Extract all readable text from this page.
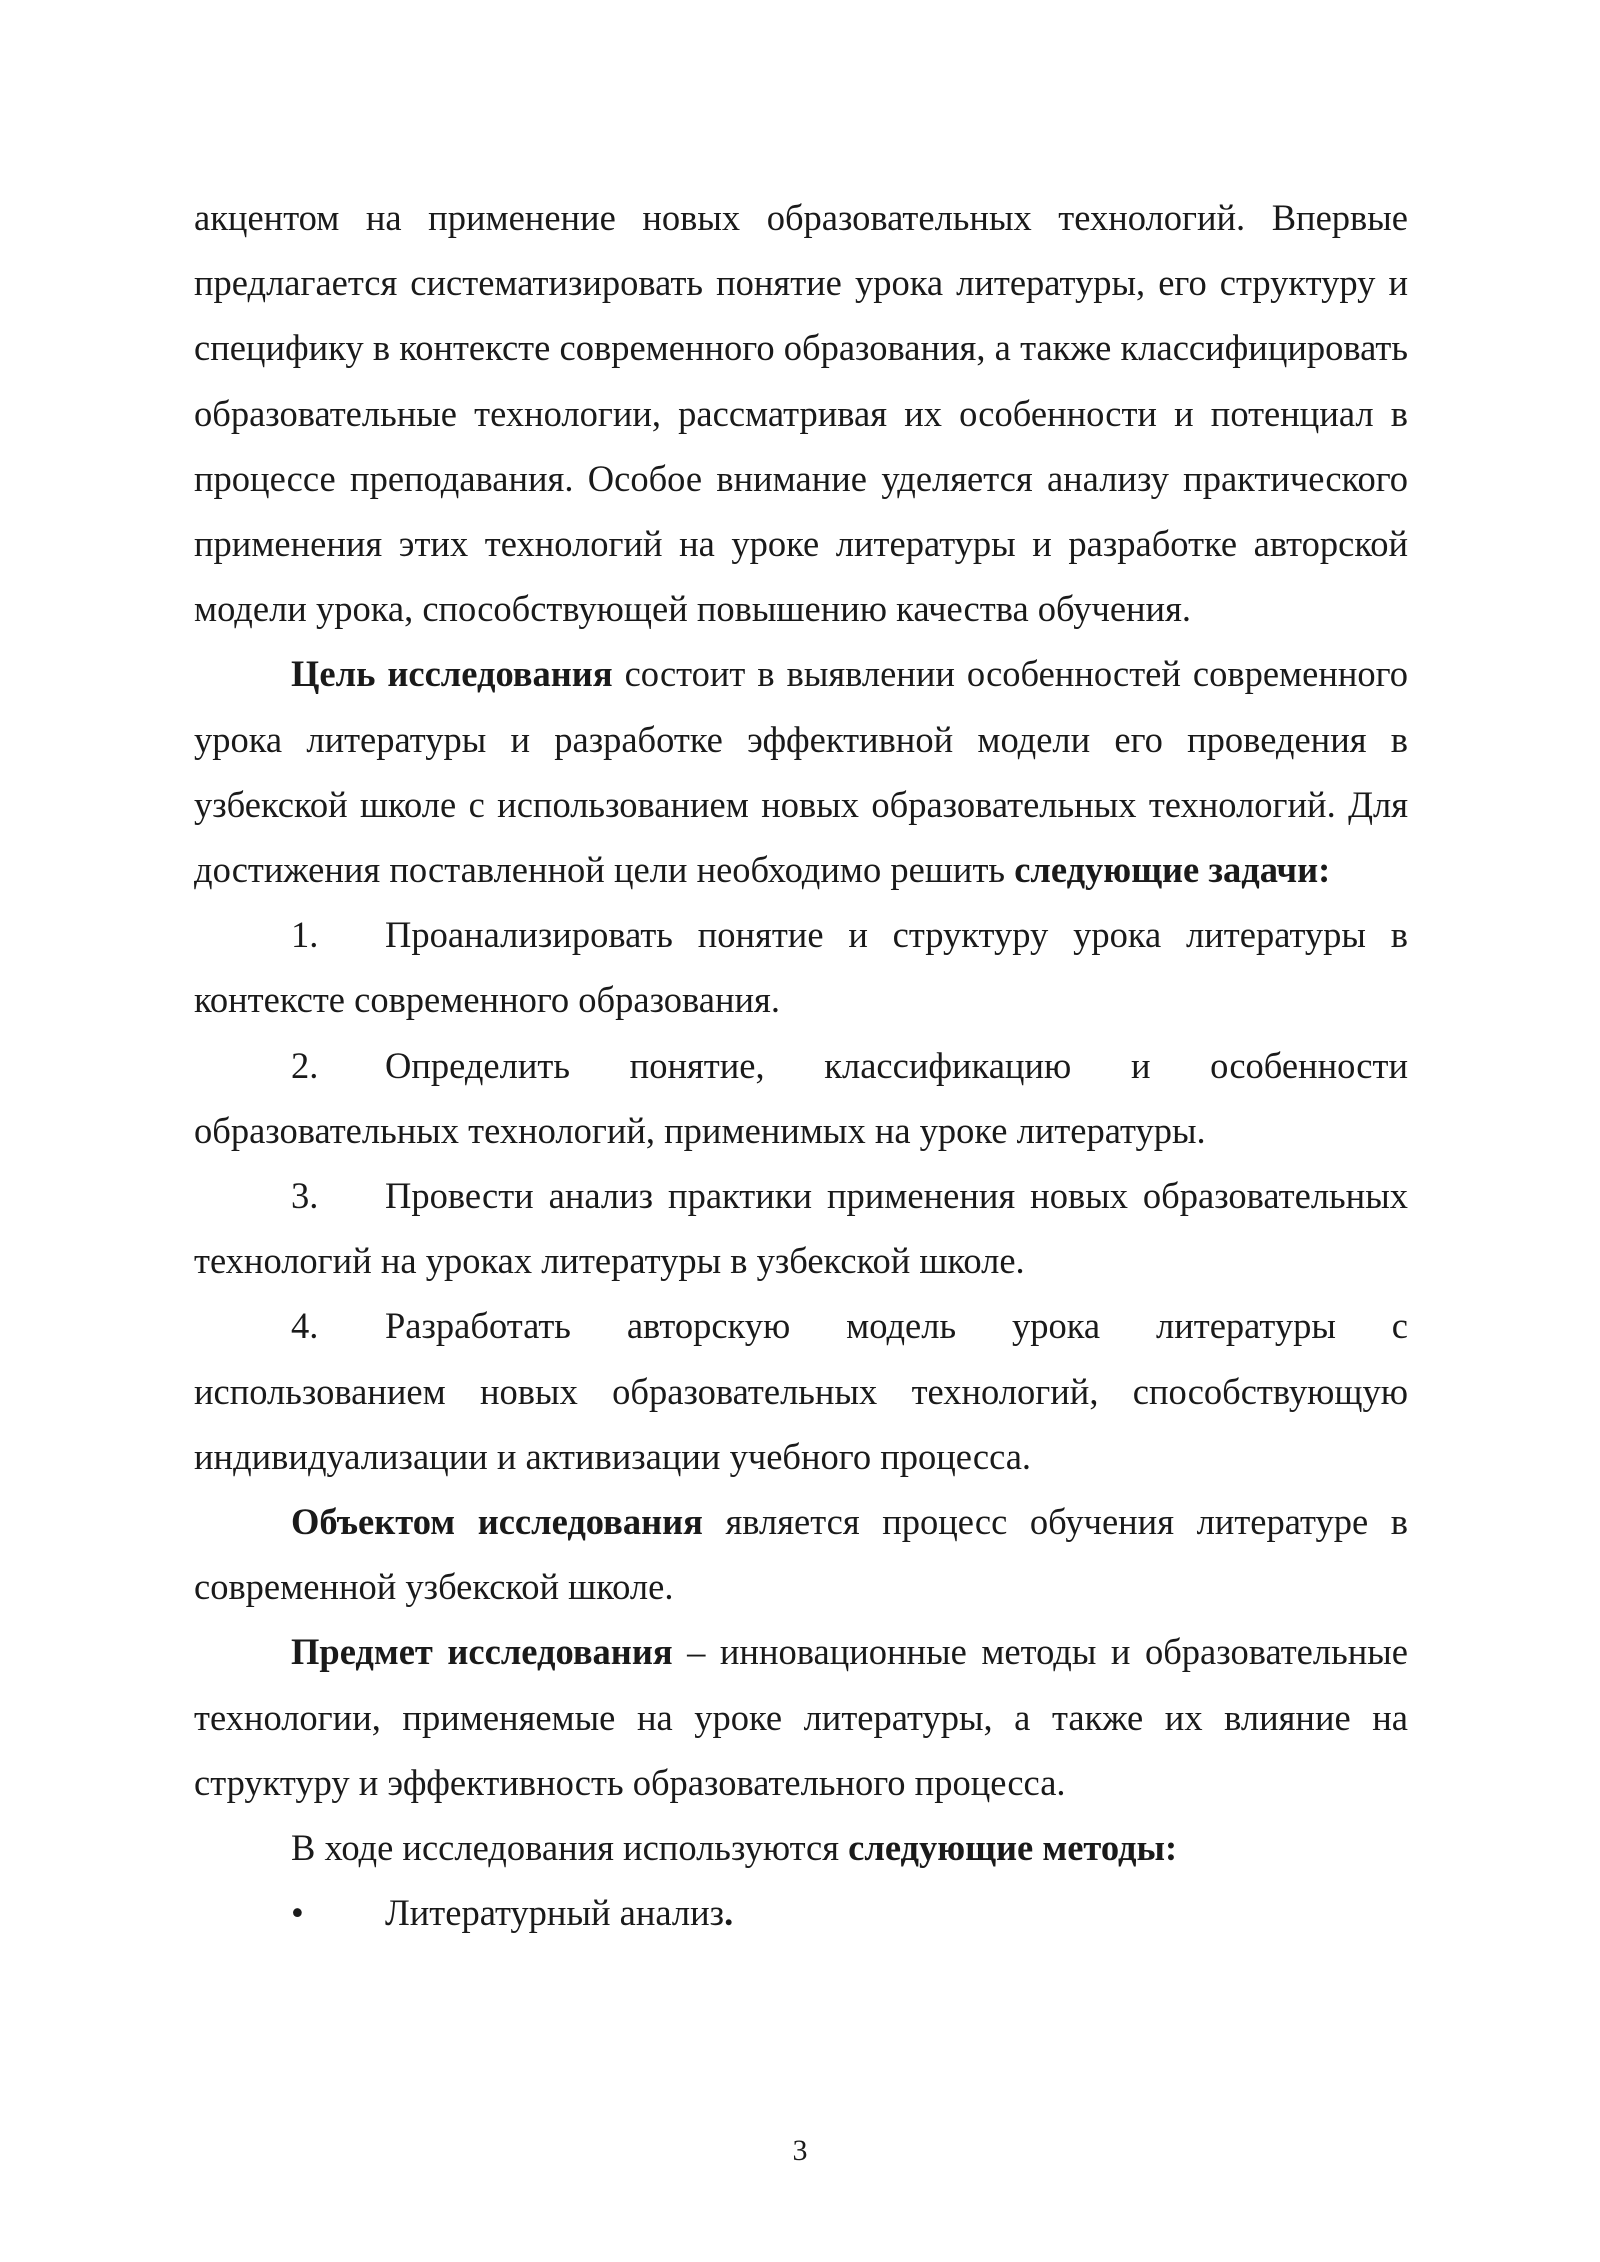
акцентом на применение новых образовательных технологий. Впервые предлагается систематизировать понятие урока литературы, его структуру и специфику в контексте современного образования, а также классифицировать образовательные технологии, рассматривая их особенности и потенциал в процессе преподавания. Особое внимание уделяется анализу практического применения этих технологий на уроке литературы и разработке авторской модели урока, способствующей повышению качества обучения.

Цель исследования состоит в выявлении особенностей современного урока литературы и разработке эффективной модели его проведения в узбекской школе с использованием новых образовательных технологий. Для достижения поставленной цели необходимо решить следующие задачи:

1. Проанализировать понятие и структуру урока литературы в контексте современного образования.

2. Определить понятие, классификацию и особенности образовательных технологий, применимых на уроке литературы.

3. Провести анализ практики применения новых образовательных технологий на уроках литературы в узбекской школе.

4. Разработать авторскую модель урока литературы с использованием новых образовательных технологий, способствующую индивидуализации и активизации учебного процесса.

Объектом исследования является процесс обучения литературе в современной узбекской школе.

Предмет исследования – инновационные методы и образовательные технологии, применяемые на уроке литературы, а также их влияние на структуру и эффективность образовательного процесса.

В ходе исследования используются следующие методы:

• Литературный анализ.

3
